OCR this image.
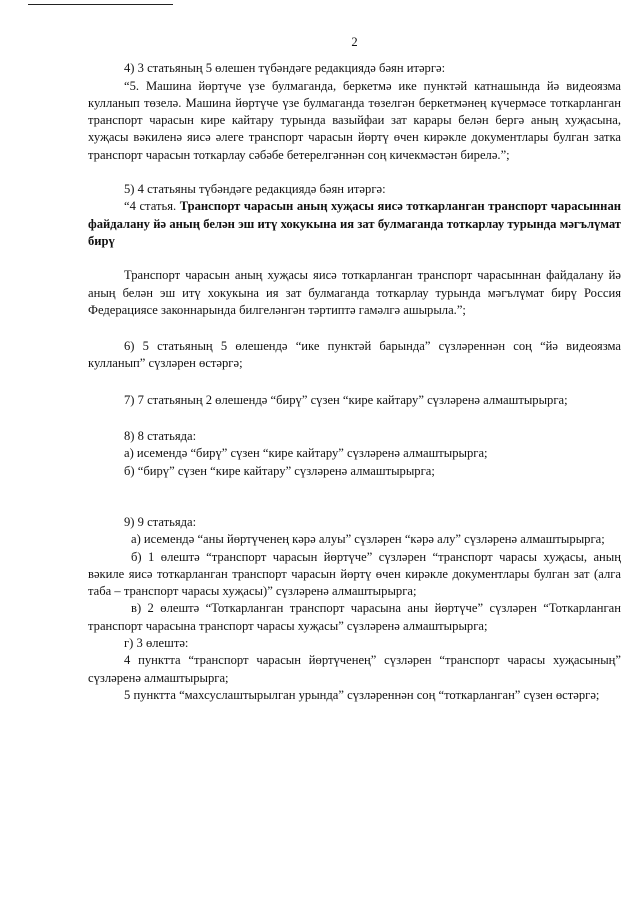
2

4) 3 статьяның 5 өлешен түбәндәге редакциядә бәян итәргә:

“5. Машина йөртүче үзе булмаганда, беркетмә ике пунктәй катнашында йә видеоязма кулланып төзелә. Машина йөртүче үзе булмаганда төзелгән беркетмәнең күчермәсе тоткарланган транспорт чарасын кире кайтару турында вазыйфаи зат карары белән бергә аның хуҗасына, хуҗасы вәкиленә яисә әлеге транспорт чарасын йөртү өчен кирәкле документлары булган затка транспорт чарасын тоткарлау сәбәбе бетерелгәннән соң кичекмәстән бирелә.”;

5) 4 статьяны түбәндәге редакциядә бәян итәргә:

“4 статья. Транспорт чарасын аның хуҗасы яисә тоткарланган транспорт чарасыннан файдалану йә аның белән эш итү хокукына ия зат булмаганда тоткарлау турында мәгълүмат бирү

Транспорт чарасын аның хуҗасы яисә тоткарланган транспорт чарасыннан файдалану йә аның белән эш итү хокукына ия зат булмаганда тоткарлау турында мәгълүмат бирү Россия Федерациясе законнарында билгеләнгән тәртиптә гамәлгә ашырыла.”;

6) 5 статьяның 5 өлешендә “ике пунктәй барында” сүзләреннән соң “йә видеоязма кулланып” сүзләрен өстәргә;

7) 7 статьяның 2 өлешендә “бирү” сүзен “кире кайтару” сүзләренә алмаштырырга;

8) 8 статьяда:

а) исемендә “бирү” сүзен “кире кайтару” сүзләренә алмаштырырга;

б) “бирү” сүзен “кире кайтару” сүзләренә алмаштырырга;

9) 9 статьяда:

а) исемендә “аны йөртүченең кәрә алуы” сүзләрен “кәрә алу” сүзләренә алмаштырырга;

б) 1 өлештә “транспорт чарасын йөртүче” сүзләрен “транспорт чарасы хуҗасы, аның вәкиле яисә тоткарланган транспорт чарасын йөртү өчен кирәкле документлары булган зат (алга таба – транспорт чарасы хуҗасы)” сүзләренә алмаштырырга;

в) 2 өлештә “Тоткарланган транспорт чарасына аны йөртүче” сүзләрен “Тоткарланган транспорт чарасына транспорт чарасы хуҗасы” сүзләренә алмаштырырга;

г) 3 өлештә:

4 пунктта “транспорт чарасын йөртүченең” сүзләрен “транспорт чарасы хуҗасының” сүзләренә алмаштырырга;

5 пунктта “махсуслаштырылган урында” сүзләреннән соң “тоткарланган” сүзен өстәргә;
